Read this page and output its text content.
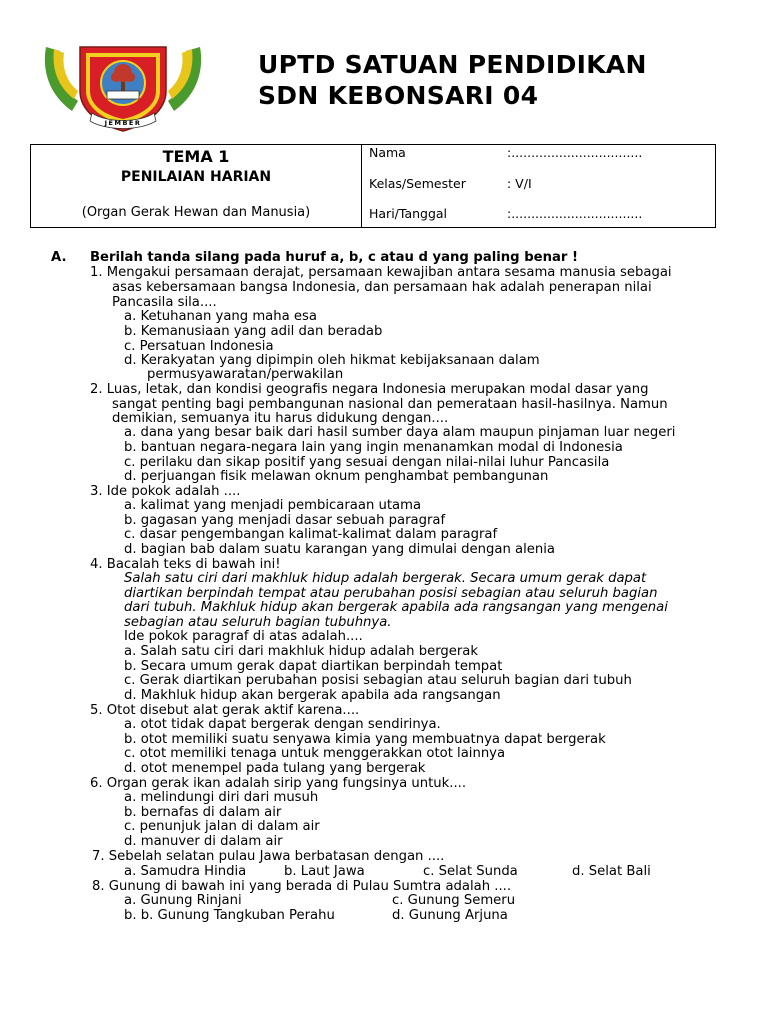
JEMBER
UPTD SATUAN PENDIDIKAN
SDN KEBONSARI 04
TEMA 1
PENILAIAN HARIAN
(Organ Gerak Hewan dan Manusia)
Nama	:.................................
Kelas/Semester	: V/I
Hari/Tanggal	:.................................
A. Berilah tanda silang pada huruf a, b, c atau d yang paling benar !
1. Mengakui persamaan derajat, persamaan kewajiban antara sesama manusia sebagai
asas kebersamaan bangsa Indonesia, dan persamaan hak adalah penerapan nilai
Pancasila sila....
a. Ketuhanan yang maha esa
b. Kemanusiaan yang adil dan beradab
c. Persatuan Indonesia
d. Kerakyatan yang dipimpin oleh hikmat kebijaksanaan dalam
permusyawaratan/perwakilan
2. Luas, letak, dan kondisi geografis negara Indonesia merupakan modal dasar yang
sangat penting bagi pembangunan nasional dan pemerataan hasil-hasilnya. Namun
demikian, semuanya itu harus didukung dengan....
a. dana yang besar baik dari hasil sumber daya alam maupun pinjaman luar negeri
b. bantuan negara-negara lain yang ingin menanamkan modal di Indonesia
c. perilaku dan sikap positif yang sesuai dengan nilai-nilai luhur Pancasila
d. perjuangan fisik melawan oknum penghambat pembangunan
3. Ide pokok adalah ....
a. kalimat yang menjadi pembicaraan utama
b. gagasan yang menjadi dasar sebuah paragraf
c. dasar pengembangan kalimat-kalimat dalam paragraf
d. bagian bab dalam suatu karangan yang dimulai dengan alenia
4. Bacalah teks di bawah ini!
Salah satu ciri dari makhluk hidup adalah bergerak. Secara umum gerak dapat
diartikan berpindah tempat atau perubahan posisi sebagian atau seluruh bagian
dari tubuh. Makhluk hidup akan bergerak apabila ada rangsangan yang mengenai
sebagian atau seluruh bagian tubuhnya.
Ide pokok paragraf di atas adalah....
a. Salah satu ciri dari makhluk hidup adalah bergerak
b. Secara umum gerak dapat diartikan berpindah tempat
c. Gerak diartikan perubahan posisi sebagian atau seluruh bagian dari tubuh
d. Makhluk hidup akan bergerak apabila ada rangsangan
5. Otot disebut alat gerak aktif karena....
a. otot tidak dapat bergerak dengan sendirinya.
b. otot memiliki suatu senyawa kimia yang membuatnya dapat bergerak
c. otot memiliki tenaga untuk menggerakkan otot lainnya
d. otot menempel pada tulang yang bergerak
6. Organ gerak ikan adalah sirip yang fungsinya untuk....
a. melindungi diri dari musuh
b. bernafas di dalam air
c. penunjuk jalan di dalam air
d. manuver di dalam air
7. Sebelah selatan pulau Jawa berbatasan dengan ....
a. Samudra Hindia	b. Laut Jawa	c. Selat Sunda	d. Selat Bali
8. Gunung di bawah ini yang berada di Pulau Sumtra adalah ....
a. Gunung Rinjani	c. Gunung Semeru
b. b. Gunung Tangkuban Perahu	d. Gunung Arjuna
